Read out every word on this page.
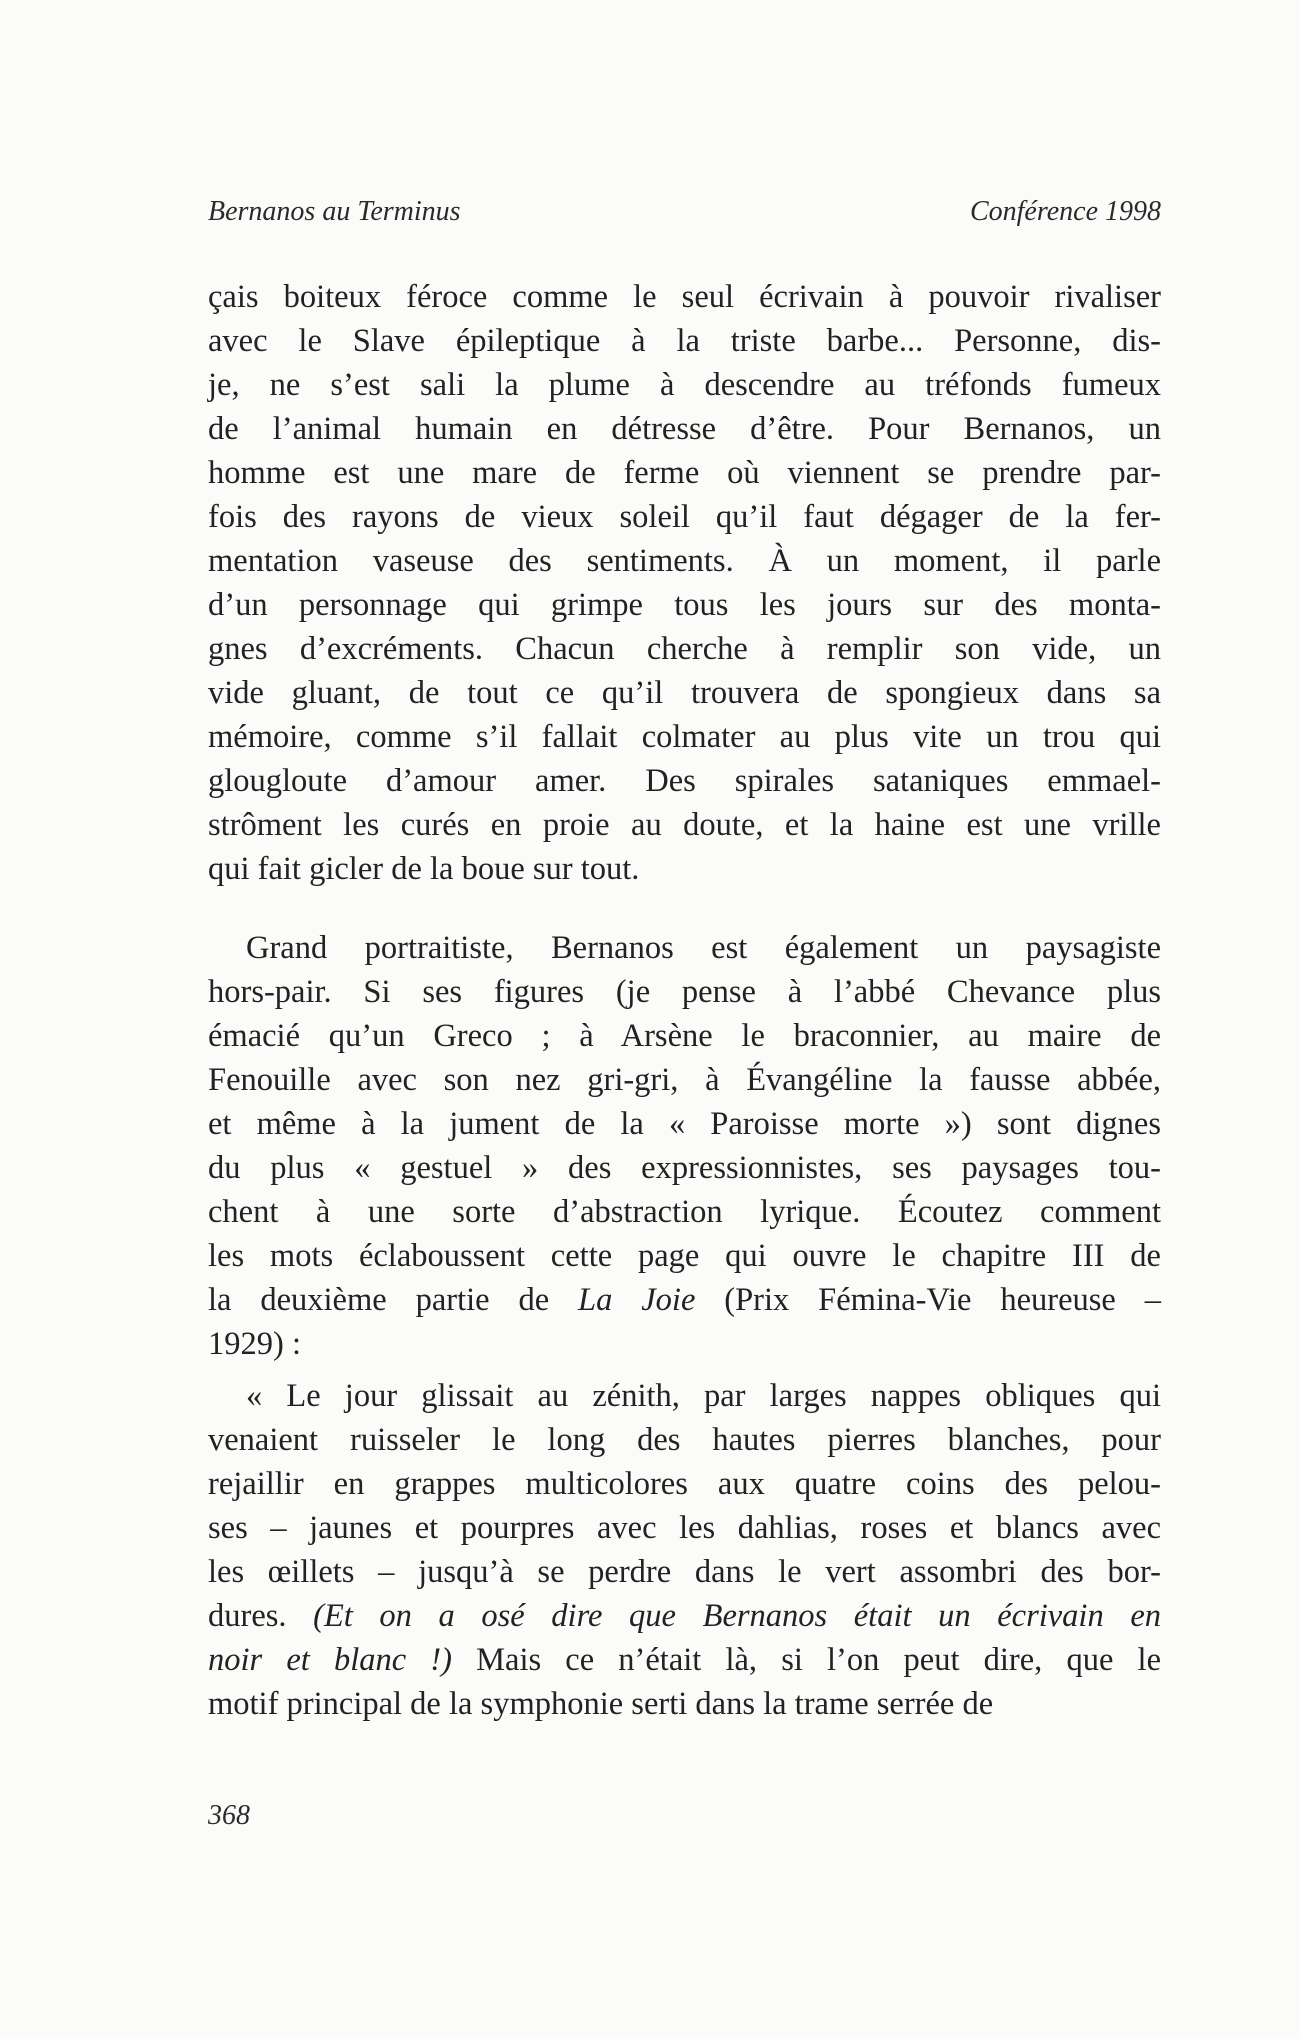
Bernanos au Terminus	Conférence 1998
çais boiteux féroce comme le seul écrivain à pouvoir rivaliser
avec le Slave épileptique à la triste barbe... Personne, dis-
je, ne s’est sali la plume à descendre au tréfonds fumeux
de l’animal humain en détresse d’être. Pour Bernanos, un
homme est une mare de ferme où viennent se prendre par-
fois des rayons de vieux soleil qu’il faut dégager de la fer-
mentation vaseuse des sentiments. À un moment, il parle
d’un personnage qui grimpe tous les jours sur des monta-
gnes d’excréments. Chacun cherche à remplir son vide, un
vide gluant, de tout ce qu’il trouvera de spongieux dans sa
mémoire, comme s’il fallait colmater au plus vite un trou qui
glougloute d’amour amer. Des spirales sataniques emmael-
strôment les curés en proie au doute, et la haine est une vrille
qui fait gicler de la boue sur tout.
Grand portraitiste, Bernanos est également un paysagiste
hors-pair. Si ses figures (je pense à l’abbé Chevance plus
émacié qu’un Greco ; à Arsène le braconnier, au maire de
Fenouille avec son nez gri-gri, à Évangéline la fausse abbée,
et même à la jument de la « Paroisse morte ») sont dignes
du plus « gestuel » des expressionnistes, ses paysages tou-
chent à une sorte d’abstraction lyrique. Écoutez comment
les mots éclaboussent cette page qui ouvre le chapitre III de
la deuxième partie de La Joie (Prix Fémina-Vie heureuse –
1929) :
« Le jour glissait au zénith, par larges nappes obliques qui
venaient ruisseler le long des hautes pierres blanches, pour
rejaillir en grappes multicolores aux quatre coins des pelou-
ses – jaunes et pourpres avec les dahlias, roses et blancs avec
les œillets – jusqu’à se perdre dans le vert assombri des bor-
dures. (Et on a osé dire que Bernanos était un écrivain en
noir et blanc !) Mais ce n’était là, si l’on peut dire, que le
motif principal de la symphonie serti dans la trame serrée de
368
